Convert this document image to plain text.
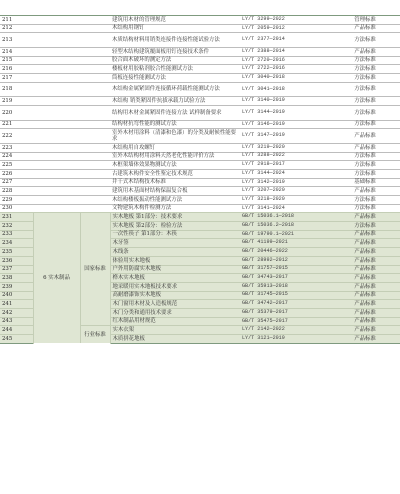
211			建筑用木材的管理规范	LY/T 3299—2022	管理标准
212			木结构用钢钉	LY/T 2059—2012	产品标准
213			木质结构材料用销类连接件连接性能试验方法	LY/T 2377—2014	方法标准
214			轻型木结构建筑覆面板用钉连接技术条件	LY/T 2388—2014	产品标准
215			胶合面木破坏的测定方法	LY/T 2720—2016	方法标准
216			楼板材用胶粘剂胶合性能测试方法	LY/T 2722—2016	方法标准
217			筒板连接性能测试方法	LY/T 3040—2018	方法标准
218			木结构金属紧固件连接循环荷载性能测试方法	LY/T 3041—2018	方法标准
219			木结构 销类紧固件抗拔承载力试验方法	LY/T 3140—2019	方法标准
220			结构用木材金属紧固件连接方法 试样制备要求	LY/T 3144—2019	方法标准
221			结构材抗弯性能的测试方法	LY/T 3146—2019	方法标准
222			室外木材用涂料（清漆和色漆）的分类及耐候性能要求	LY/T 3147—2019	产品标准
223			木结构用自攻螺钉	LY/T 3219—2020	产品标准
224			室外木结构材用涂料天然老化性能评价方法	LY/T 3288—2022	方法标准
225			木框架墙体效果物测试方法	LY/T 2918—2017	方法标准
226			古建筑木构件安全性鉴定技术规范	LY/T 3144—2024	方法标准
227			井干式木结构技术标准	LY/T 3142—2019	基础标准
228			建筑用木基面材结构保温复合板	LY/T 3207—2020	产品标准
229			木结构楼板振动性能测试方法	LY/T 3218—2020	方法标准
230			文物建筑木构件检测方法	LY/T 3141—2024	方法标准
231	6 实木制品	国家标准	实木地板 第1部分：技术要求	GB/T 15036.1—2018	产品标准
232			实木地板 第2部分：检验方法	GB/T 15036.2—2018	方法标准
233			一次性筷子 第1部分：木筷	GB/T 19790.1—2021	产品标准
234			木牙签	GB/T 41199—2021	产品标准
235			木线条	GB/T 20446—2022	产品标准
236			体验用实木地板	GB/T 28992—2012	产品标准
237			户外用防腐实木地板	GB/T 31757—2015	产品标准
238			榫木实木地板	GB/T 34743—2017	产品标准
239			地采暖用实木地板技术要求	GB/T 35913—2018	产品标准
240			高耐磨漆饰实木地板	GB/T 31745—2015	产品标准
241			木门窗用木材及人造板规范	GB/T 34742—2017	产品标准
242			木门分类和通用技术要求	GB/T 35379—2017	产品标准
243			红木制品用材规范	GB/T 35475—2017	产品标准
244		行业标准	实木衣架	LY/T 2142—2022	产品标准
245			木质拼花地板	LY/T 3121—2019	产品标准
